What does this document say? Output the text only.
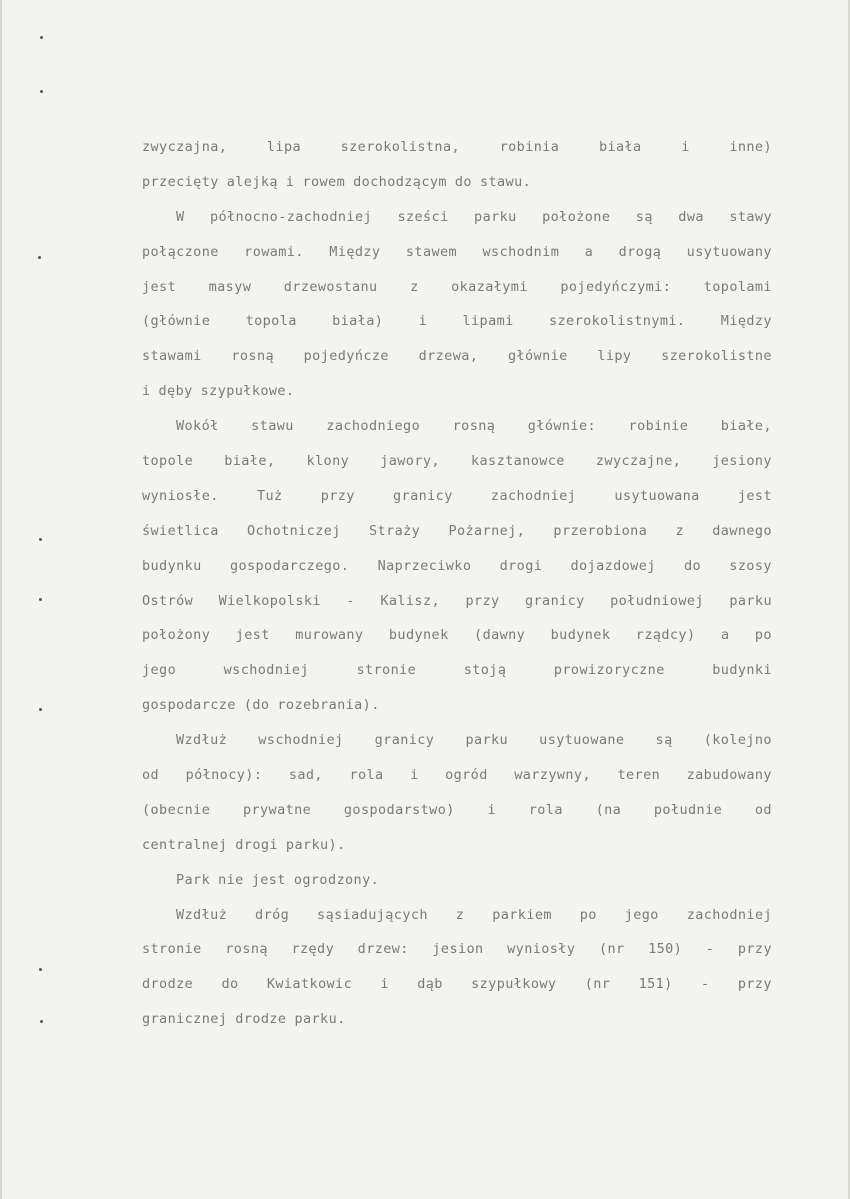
zwyczajna,	lipa	szerokolistna,	robinia	biała	i	inne)
przecięty alejką i rowem dochodzącym do stawu.
W północno-zachodniej sześci parku położone są dwa stawy
połączone rowami. Między stawem wschodnim a drogą usytuowany
jest masyw drzewostanu z okazałymi pojedyńczymi: topolami
(głównie	topola	biała)	i	lipami	szerokolistnymi.	Między
stawami rosną pojedyńcze drzewa, głównie lipy szerokolistne
i dęby szypułkowe.
Wokół stawu zachodniego rosną głównie: robinie białe,
topole białe, klony jawory, kasztanowce zwyczajne, jesiony
wyniosłe.	Tuż	przy	granicy	zachodniej	usytuowana	jest
świetlica Ochotniczej Straży Pożarnej, przerobiona z dawnego
budynku gospodarczego. Naprzeciwko drogi dojazdowej do szosy
Ostrów Wielkopolski - Kalisz, przy granicy południowej parku
położony jest murowany budynek (dawny budynek rządcy) a po
jego	wschodniej	stronie	stoją	prowizoryczne	budynki
gospodarcze (do rozebrania).
Wzdłuż wschodniej granicy parku usytuowane są (kolejno
od północy): sad, rola i ogród warzywny, teren zabudowany
(obecnie prywatne gospodarstwo) i rola (na południe od
centralnej drogi parku).
Park nie jest ogrodzony.
Wzdłuż dróg sąsiadujących z parkiem po jego zachodniej
stronie rosną rzędy drzew: jesion wyniosły (nr 150) - przy
drodze do Kwiatkowic i dąb szypułkowy (nr 151) - przy
granicznej drodze parku.
